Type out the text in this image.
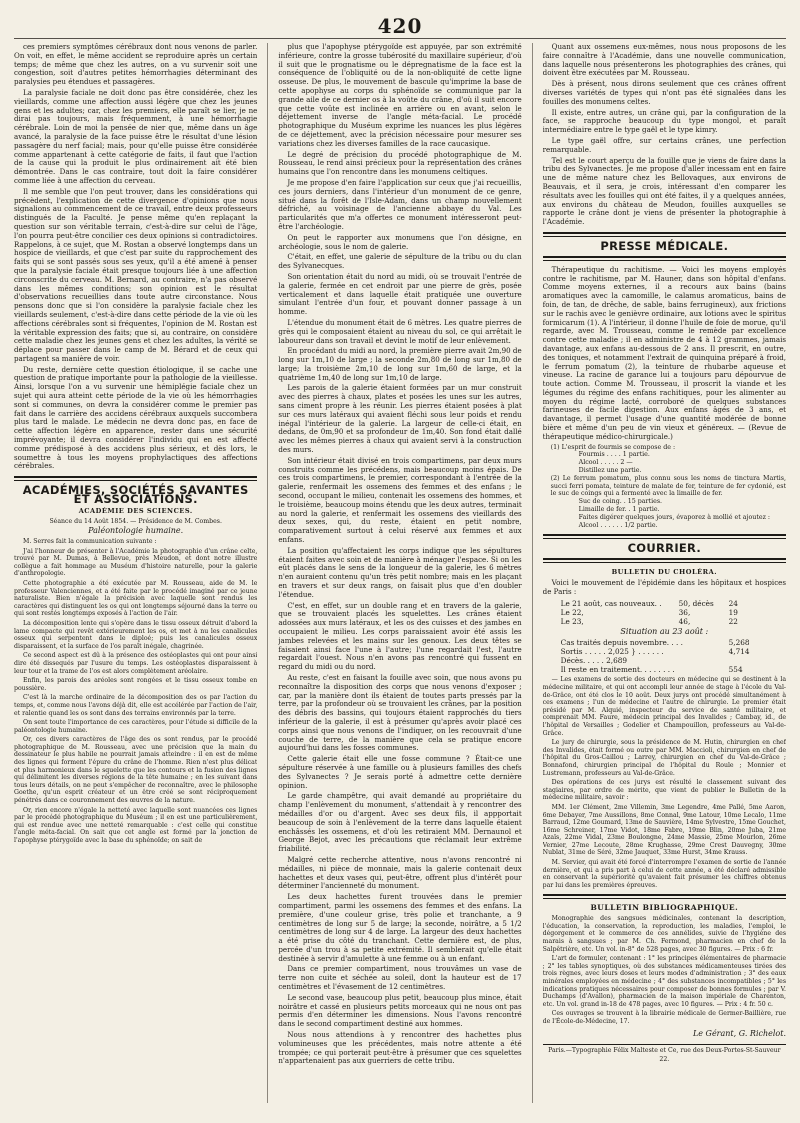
420

ces premiers symptômes cérébraux dont nous venons de parler. On voit, en effet, le même accident se reproduire après un certain temps; de même que chez les autres, on a vu survenir soit une congestion, soit d'autres petites hémorrhagies déterminant des paralysies peu étendues et passagères.

La paralysie faciale ne doit donc pas être considérée, chez les vieillards, comme une affection aussi légère que chez les jeunes gens et les adultes; car, chez les premiers, elle paraît se lier, je ne dirai pas toujours, mais fréquemment, à une hémorrhagie cérébrale. Loin de moi la pensée de nier que, même dans un âge avancé, la paralysie de la face puisse être le résultat d'une lésion passagère du nerf facial; mais, pour qu'elle puisse être considérée comme appartenant à cette catégorie de faits, il faut que l'action de la cause qui la produit le plus ordinairement ait été bien démontrée. Dans le cas contraire, tout doit la faire considérer comme liée à une affection du cerveau.

Il me semble que l'on peut trouver, dans les considérations qui précèdent, l'explication de cette divergence d'opinions que nous signalions au commencement de ce travail, entre deux professeurs distingués de la Faculté. Je pense même qu'en replaçant la question sur son véritable terrain, c'est-à-dire sur celui de l'âge, l'on pourra peut-être concilier ces deux opinions si contradictoires. Rappelons, à ce sujet, que M. Rostan a observé longtemps dans un hospice de vieillards, et que c'est par suite du rapprochement des faits qui se sont passés sous ses yeux, qu'il a été amené à penser que la paralysie faciale était presque toujours liée à une affection circonscrite du cerveau. M. Bernard, au contraire, n'a pas observé dans les mêmes conditions; son opinion est le résultat d'observations recueillies dans toute autre circonstance. Nous pensons donc que si l'on considère la paralysie faciale chez les vieillards seulement, c'est-à-dire dans cette période de la vie où les affections cérébrales sont si fréquentes, l'opinion de M. Rostan est la véritable expression des faits; que si, au contraire, on considère cette maladie chez les jeunes gens et chez les adultes, la vérité se déplace pour passer dans le camp de M. Bérard et de ceux qui partagent sa manière de voir.

Du reste, dernière cette question étiologique, il se cache une question de pratique importante pour la pathologie de la vieillesse. Ainsi, lorsque l'on a vu survenir une hémiplégie faciale chez un sujet qui aura atteint cette période de la vie où les hémorrhagies sont si communes, on devra la considérer comme le premier pas fait dans le carrière des accidens cérébraux auxquels succombera plus tard le malade. Le médecin ne devra donc pas, en face de cette affection légère en apparence, rester dans une sécurité imprévoyante; il devra considérer l'individu qui en est affecté comme prédisposé à des accidens plus sérieux, et dès lors, le soumettre à tous les moyens prophylactiques des affections cérébrales.

ACADÉMIES, SOCIÉTÉS SAVANTES ET ASSOCIATIONS.
ACADÉMIE DES SCIENCES.
Séance du 14 Août 1854. — Présidence de M. Combes.
Paléontologie humaine.

M. Serres fait la communication suivante :

J'ai l'honneur de présenter à l'Académie la photographie d'un crâne celte, trouvé par M. Dumas, à Bellevue, près Meudon, et dont notre illustre collègue a fait hommage au Muséum d'histoire naturelle, pour la galerie d'anthropologie.

Cette photographie a été exécutée par M. Rousseau, aide de M. le professeur Valenciennes, et a été faite par le procédé imaginé par ce jeune naturaliste. Bien n'égale la précision avec laquelle sont rendus les caractères qui distinguent les os qui ont longtemps séjourné dans la terre ou qui sont restés longtemps exposés à l'action de l'air.

La décomposition lente qui s'opère dans le tissu osseux détruit d'abord la lame compacte qui revêt extérieurement les os, et met à nu les canalicules osseux qui serpentent dans le diploé; puis les canalicules osseux disparaissent, et la surface de l'os paraît inégale, chagrinée.

Ce second aspect est dû à la présence des ostéoplastes qui ont pour ainsi dire été dissequés par l'usure du temps. Les ostéoplastes disparaissent à leur tour et la trame de l'os est alors complètement aréolaire.

Enfin, les parois des aréoles sont rongées et le tissu osseux tombe en poussière.

C'est là la marche ordinaire de la décomposition des os par l'action du temps, et, comme nous l'avons déjà dit, elle est accélérée par l'action de l'air, et ralentie quand les os sont dans des terrains environnés par la terre.

On sent toute l'importance de ces caractères, pour l'étude si difficile de la paléontologie humaine.

Or, ces divers caractères de l'âge des os sont rendus, par le procédé photographique de M. Rousseau, avec une précision que la main du dessinateur le plus habile ne pourrait jamais atteindre : il en est de même des lignes qui forment l'épure du crâne de l'homme. Rien n'est plus délicat et plus harmonieux dans le squelette que les contours et la fusion des lignes qui délimitent les diverses régions de la tête humaine ; en les suivant dans tous leurs détails, on ne peut s'empêcher de reconnaître, avec le philosophe Goethe, qu'un esprit créateur et un être créé se sont réciproquement pénétrés dans ce couronnement des œuvres de la nature.

Or, rien encore n'égale la netteté avec laquelle sont nuancées ces lignes par le procédé photographique du Muséum ; il en est une particulièrement, qui est rendue avec une netteté remarquable : c'est celle qui constitue l'angle méta-facial. On sait que cet angle est formé par la jonction de l'apophyse ptérygoïde avec la base du sphénoïde; on sait de

plus que l'apophyse ptérygoïde est appuyée, par son extrémité inférieure, contre la grosse tubérosité du maxillaire supérieur, d'où il suit que le prognatisme ou le dépregnatisme de la face est la conséquence de l'obliquité ou de la non-obliquité de cette ligne osseuse. De plus, le mouvement de bascule qu'imprime la base de cette apophyse au corps du sphénoïde se communique par la grande aile de ce dernier os à la voûte du crâne, d'où il suit encore que cette voûte est inclinée en arrière ou en avant, selon le déjettement inverse de l'angle méta-facial. Le procédé photographique du Muséum exprime les nuances les plus légères de ce déjettement, avec la précision nécessaire pour mesurer ses variations chez les diverses familles de la race caucasique.

Le degré de précision du procédé photographique de M. Rousseau, le rend ainsi précieux pour la représentation des crânes humains que l'on rencontre dans les monumens celtiques.

Je me propose d'en faire l'application sur ceux que j'ai recueillis, ces jours derniers, dans l'intérieur d'un monument de ce genre, situé dans la forêt de l'Isle-Adam, dans un champ nouvellement défriché, au voisinage de l'ancienne abbaye du Val. Les particularités que m'a offertes ce monument intéresseront peut-être l'archéologie.

On peut le rapporter aux monumens que l'on désigne, en archéologie, sous le nom de galerie.

C'était, en effet, une galerie de sépulture de la tribu ou du clan des Sylvanecques.

Son orientation était du nord au midi, où se trouvait l'entrée de la galerie, fermée en cet endroit par une pierre de grès, posée verticalement et dans laquelle était pratiquée une ouverture simulant l'entrée d'un four, et pouvant donner passage à un homme.

L'étendue du monument était de 6 mètres. Les quatre pierres de grès qui le composaient étaient au niveau du sol, ce qui arrêtait le laboureur dans son travail et devint le motif de leur enlèvement.

En procédant du midi au nord, la première pierre avait 2m,90 de long sur 1m,10 de large ; la seconde 2m,80 de long sur 1m,80 de large; la troisième 2m,10 de long sur 1m,60 de large, et la quatrième 1m,40 de long sur 1m,10 de large.

Les parois de la galerie étaient formées par un mur construit avec des pierres à chaux, plates et posées les unes sur les autres, sans ciment propre à les réunir. Les pierres étaient posées à plat sur ces murs latéraux qui avaient fléchi sous leur poids et rendu inégal l'intérieur de la galerie. La largeur de celle-ci était, en dedans, de 0m,90 et sa profondeur de 1m,40. Son fond était dallé avec les mêmes pierres à chaux qui avaient servi à la construction des murs.

Son intérieur était divisé en trois compartimens, par deux murs construits comme les précédens, mais beaucoup moins épais. De ces trois compartimens, le premier, correspondant à l'entrée de la galerie, renfermait les ossemens des femmes et des enfans ; le second, occupant le milieu, contenait les ossemens des hommes, et le troisième, beaucoup moins étendu que les deux autres, terminait au nord la galerie, et renfermait les ossemens des vieillards des deux sexes, qui, du reste, étaient en petit nombre, comparativement surtout à celui réservé aux femmes et aux enfans.

La position qu'affectaient les corps indique que les sépultures étaient faites avec soin et de manière à ménager l'espace. Si on les eût placés dans le sens de la longueur de la galerie, les 6 mètres n'en auraient contenu qu'un très petit nombre; mais en les plaçant en travers et sur deux rangs, on faisait plus que d'en doubler l'étendue.

C'est, en effet, sur un double rang et en travers de la galerie, que se trouvaient placés les squelettes. Les crânes étaient adossées aux murs latéraux, et les os des cuisses et des jambes en occupaient le milieu. Les corps paraissaient avoir été assis les jambes relevées et les mains sur les genoux. Les deux têtes se faisaient ainsi face l'une à l'autre; l'une regardait l'est, l'autre regardait l'ouest. Nous n'en avons pas rencontré qui fussent en regard du midi ou du nord.

Au reste, c'est en faisant la fouille avec soin, que nous avons pu reconnaître la disposition des corps que nous venons d'exposer ; car, par la manière dont ils étaient de toutes parts pressés par la terre, par la profondeur où se trouvaient les crânes, par la position des débris des bassins, qui toujours étaient rapprochés du tiers inférieur de la galerie, il est à présumer qu'après avoir placé ces corps ainsi que nous venons de l'indiquer, on les recouvrait d'une couche de terre, de la manière que cela se pratique encore aujourd'hui dans les fosses communes.

Cette galerie était elle une fosse commune ? Était-ce une sépulture réservée à une famille ou à plusieurs familles des chefs des Sylvanectes ? Je serais porté à admettre cette dernière opinion.

Le garde champêtre, qui avait demandé au propriétaire du champ l'enlèvement du monument, s'attendait à y rencontrer des médailles d'or ou d'argent. Avec ses deux fils, il appportait beaucoup de soin à l'enlèvement de la terre dans laquelle étaient enchâssés les ossemens, et d'où les retiraient MM. Dernaunol et George Bejot, avec les précautions que réclamait leur extrême friabilité.

Malgré cette recherche attentive, nous n'avons rencontré ni médailles, ni pièce de monnaie, mais la galerie contenait deux hachettes et deux vases qui, peut-être, offrent plus d'intérêt pour déterminer l'ancienneté du monument.

Les deux hachettes furent trouvées dans le premier compartiment, parmi les ossemens des femmes et des enfans. La première, d'une couleur grise, très polie et tranchante, a 9 centimètres de long sur 5 de large; la seconde, noirâtre, a 5 1/2 centimètres de long sur 4 de large. La largeur des deux hachettes a été prise du côté du tranchant. Cette dernière est, de plus, percée d'un trou à sa petite extrémité. Il semblerait qu'elle était destinée à servir d'amulette à une femme ou à un enfant.

Dans ce premier compartiment, nous trouvâmes un vase de terre non cuite et séchée au soleil, dont la hauteur est de 17 centimètres et l'évasement de 12 centimètres.

Le second vase, beaucoup plus petit, beaucoup plus mince, était noirâtre et cassé en plusieurs petits morceaux qui ne nous ont pas permis d'en déterminer les dimensions. Nous l'avons rencontré dans le second compartiment destiné aux hommes.

Nous nous attendions à y rencontrer des hachettes plus volumineuses que les précédentes, mais notre attente a été trompée; ce qui porterait peut-être à présumer que ces squelettes n'appartenaient pas aux guerriers de cette tribu.

Quant aux ossemens eux-mêmes, nous nous proposons de les faire connaître à l'Académie, dans une nouvelle communication, dans laquelle nous présenterons les photographies des crânes, qui doivent être exécutées par M. Rousseau.

Dès à présent, nous dirons seulement que ces crânes offrent diverses variétés de types qui n'ont pas été signalées dans les fouilles des monumens celtes.

Il existe, entre autres, un crâne qui, par la configuration de la face, se rapproche beaucoup du type mongol, et paraît intermédiaire entre le type gaël et le type kimry.

Le type gaël offre, sur certains crânes, une perfection remarquable.

Tel est le court aperçu de la fouille que je viens de faire dans la tribu des Sylvanectes. Je me propose d'aller incessam ent en faire une de même nature chez les Bellovaques, aux environs de Beauvais, et il sera, je crois, intéressant d'en comparer les résultats avec les fouilles qui ont été faites, il y a quelques années, aux environs du château de Meudon, fouilles auxquelles se rapporte le crâne dont je viens de présenter la photographie à l'Académie.

PRESSE MÉDICALE.

Thérapeutique du rachitisme. — Voici les moyens employés contre le rachitisme, par M. Hauner, dans son hôpital d'enfans. Comme moyens externes, il a recours aux bains (bains aromatiques avec la camomille, le calamus aromaticus, bains de foin, de tan, de drêche, de sable, bains ferrugineux), aux frictions sur le rachis avec le genièvre ordinaire, aux lotions avec le spiritus formicarum (1). A l'intérieur, il donne l'huile de foie de morue, qu'il regarde, avec M. Trousseau, comme le remède par excellence contre cette maladie ; il en administre de 4 à 12 grammes, jamais davantage, aux enfans au-dessous de 2 ans. Il prescrit, en outre, des toniques, et notamment l'extrait de quinquina préparé à froid, le ferrum pomatum (2), la teinture de rhubarbe aqueuse et vineuse. La racine de garance lui a toujours paru dépourvue de toute action. Comme M. Trousseau, il proscrit la viande et les légumes du régime des enfans rachitiques, pour les alimenter au moyen du régime lacté, corroboré de quelques substances farineuses de facile digestion. Aux enfans âgés de 3 ans, et davantage, il permet l'usage d'une quantité modérée de bonne bière et même d'un peu de vin vieux et généreux. — (Revue de thérapeutique médico-chirurgicale.)

(1) L'esprit de fourmis se compose de :
Fourmis . . . . 1 partie.
Alcool . . . . . 2 —
Distillez une partie.
(2) Le ferrum pomatum, plus connu sous les noms de tinctura Martis, succi ferri pomata, teinture de malate de fer, teinture de fer cydonié, est le suc de coings qui a fermenté avec la limaille de fer.
Suc de coing. . 15 parties.
Limaille de fer. . 1 partie.
Faites digérer quelques jours, évaporez à mollié et ajoutez :
Alcool . . . . . . 1/2 partie.
COURRIER.
BULLETIN DU CHOLÉRA.

Voici le mouvement de l'épidémie dans les hôpitaux et hospices de Paris :

Le 21 août, cas nouveaux. .	50, décès	24
Le 22,	36,	19
Le 23,	46,	22
Situation au 23 août :
Cas traités depuis novembre. . . .	5,268
Sortis . . . . . 2,025 } . . . . . .	4,714
Décès. . . . . 2,689
Il reste en traitement. . . . . . . .	554

— Les examens de sortie des docteurs en médecine qui se destinent à la médecine militaire, et qui ont accompli leur année de stage à l'école du Val-de-Grâce, ont été clos le 10 août. Deux jurys ont procédé simultanément à ces examens ; l'un de médecine et l'autre de chirurgie. Le premier était présidé par M. Alquié, inspecteur du service de santé militaire, et comprenait MM. Faure, médecin principal des Invalides ; Cambay, id., de l'hôpital de Versailles ; Godelier et Champouillon, professeurs au Val-de-Grâce.

Le jury de chirurgie, sous la présidence de M. Hutin, chirurgien en chef des Invalides, était formé ou outre par MM. Maccioli, chirurgien en chef de l'hôpital du Gros-Caillou ; Larrey, chirurgien en chef du Val-de-Grâce ; Bonnafond, chirurgien principal de l'hôpital du Roule ; Monnier et Lustremann, professeurs au Val-de-Grâce.

Des opérations de ces jurys est résulté le classement suivant des stagiaires, par ordre de mérite, que vient de publier le Bulletin de la médecine militaire, savoir :

MM. 1er Clément, 2me Villemin, 3me Legendre, 4me Pallé, 5me Aaron, 6me Debayer, 7me Aussillons, 8me Connal, 9me Latour, 10me Lecalo, 11me Barraud, 12me Goumard, 13me de Sauvière, 14me Sylvestre, 15me Gouchet, 16me Schreiner, 17me Vidot, 18me Fabre, 19me Blin, 20me Juba, 21me Azaïs, 22me Vidal, 23me Boulongne, 24me Massie, 25me Mourlon, 26me Vernier, 27me Lecoute, 28me Krughasse, 29me Crest Dauvegny, 30me Nublat, 31me de Séré, 32me Jauquet, 33me Hurst, 34me Krauss.

M. Servier, qui avait été forcé d'interrompre l'examen de sortie de l'année dernière, et qui a pris part à celui de cette année, a été déclaré admissible en conservant la supériorité qu'avaient fait présumer les chiffres obtenus par lui dans les premières épreuves.

BULLETIN BIBLIOGRAPHIQUE.

Monographie des sangsues médicinales, contenant la description, l'éducation, la conservation, la reproduction, les maladies, l'emploi, le dégorgement et le commerce de ces annélides, suivie de l'hygiène des marais à sangsues ; par M. Ch. Fermond, pharmacien en chef de la Salpêtrière, etc. Un vol. in-8° de 528 pages, avec 30 figures. — Prix : 6 fr.

L'art de formuler, contenant : 1° les principes élémentaires de pharmacie ; 2° les tables synoptiques, où des substances médicamenteuses tirées des trois règnes, avec leurs doses et leurs modes d'administration ; 3° des eaux minérales employées en médecine ; 4° des substances incompatibles ; 5° les indications pratiques nécessaires pour composer de bonnes formules ; par V. Duchamps (d'Avallon), pharmacien de la maison impériale de Charenton, etc. Un vol. grand in-18 de 478 pages, avec 10 figures. — Prix : 4 fr. 50 c.

Ces ouvrages se trouvent à la librairie médicale de Germer-Baillière, rue de l'École-de-Médecine, 17.

Le Gérant, G. Richelot.
Paris.—Typographie Félix Malteste et Ce, rue des Deux-Portes-St-Sauveur 22.
